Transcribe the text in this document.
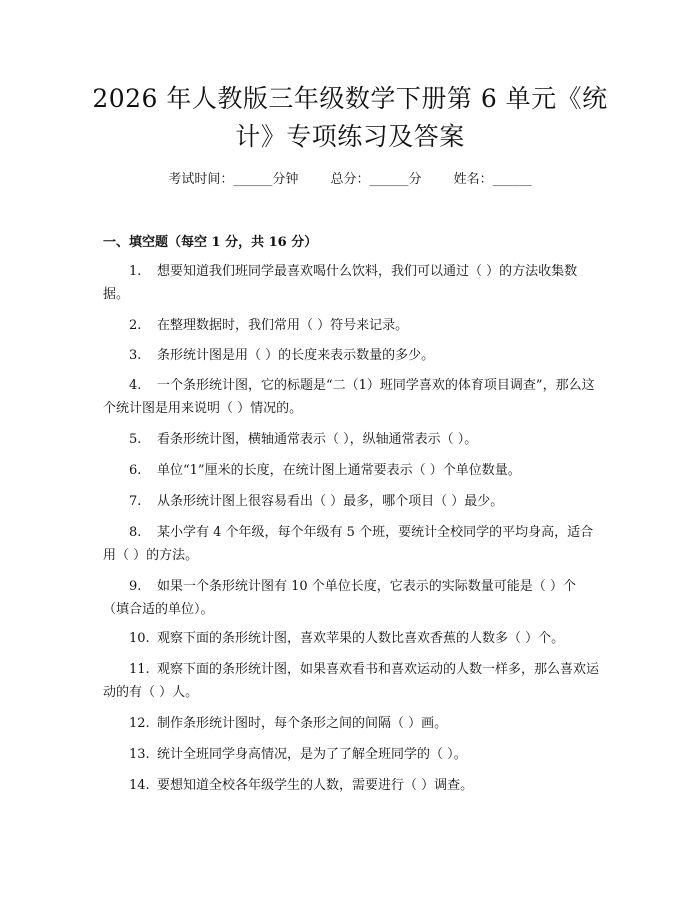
2026 年人教版三年级数学下册第 6 单元《统计》专项练习及答案
考试时间：______分钟 总分：______分 姓名：______
一、填空题（每空 1 分，共 16 分）
1. 想要知道我们班同学最喜欢喝什么饮料，我们可以通过（ ）的方法收集数据。
2. 在整理数据时，我们常用（ ）符号来记录。
3. 条形统计图是用（ ）的长度来表示数量的多少。
4. 一个条形统计图，它的标题是“二（1）班同学喜欢的体育项目调查”，那么这个统计图是用来说明（ ）情况的。
5. 看条形统计图，横轴通常表示（ ），纵轴通常表示（ ）。
6. 单位“1”厘米的长度，在统计图上通常要表示（ ）个单位数量。
7. 从条形统计图上很容易看出（ ）最多，哪个项目（ ）最少。
8. 某小学有 4 个年级，每个年级有 5 个班，要统计全校同学的平均身高，适合用（ ）的方法。
9. 如果一个条形统计图有 10 个单位长度，它表示的实际数量可能是（ ）个（填合适的单位）。
10. 观察下面的条形统计图，喜欢苹果的人数比喜欢香蕉的人数多（ ）个。
11. 观察下面的条形统计图，如果喜欢看书和喜欢运动的人数一样多，那么喜欢运动的有（ ）人。
12. 制作条形统计图时，每个条形之间的间隔（ ）画。
13. 统计全班同学身高情况，是为了了解全班同学的（ ）。
14. 要想知道全校各年级学生的人数，需要进行（ ）调查。
